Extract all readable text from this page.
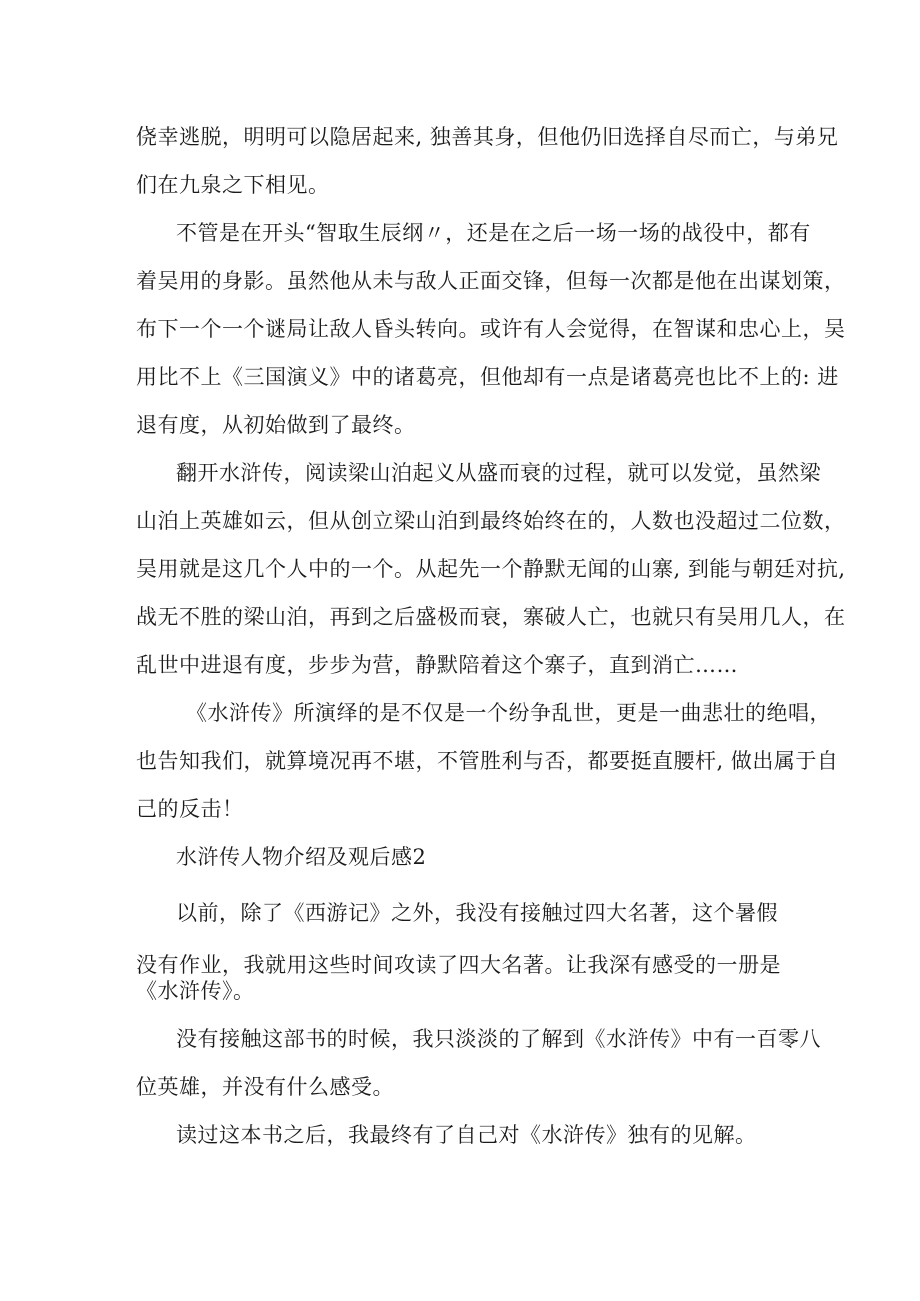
侥幸逃脱，明明可以隐居起来, 独善其身，但他仍旧选择自尽而亡，与弟兄
们在九泉之下相见。
不管是在开头“智取生辰纲〃，还是在之后一场一场的战役中，都有
着吴用的身影。虽然他从未与敌人正面交锋，但每一次都是他在出谋划策，
布下一个一个谜局让敌人昏头转向。或许有人会觉得，在智谋和忠心上，吴
用比不上《三国演义》中的诸葛亮，但他却有一点是诸葛亮也比不上的: 进
退有度，从初始做到了最终。
翻开水浒传，阅读梁山泊起义从盛而衰的过程，就可以发觉，虽然梁
山泊上英雄如云，但从创立梁山泊到最终始终在的，人数也没超过二位数，
吴用就是这几个人中的一个。从起先一个静默无闻的山寨, 到能与朝廷对抗,
战无不胜的梁山泊，再到之后盛极而衰，寨破人亡，也就只有吴用几人，在
乱世中进退有度，步步为营，静默陪着这个寨子，直到消亡……
《水浒传》所演绎的是不仅是一个纷争乱世，更是一曲悲壮的绝唱，
也告知我们，就算境况再不堪，不管胜利与否，都要挺直腰杆, 做出属于自
己的反击！
水浒传人物介绍及观后感2
以前，除了《西游记》之外，我没有接触过四大名著，这个暑假
没有作业，我就用这些时间攻读了四大名著。让我深有感受的一册是
《水浒传》。
没有接触这部书的时候，我只淡淡的了解到《水浒传》中有一百零八
位英雄，并没有什么感受。
读过这本书之后，我最终有了自己对《水浒传》独有的见解。
